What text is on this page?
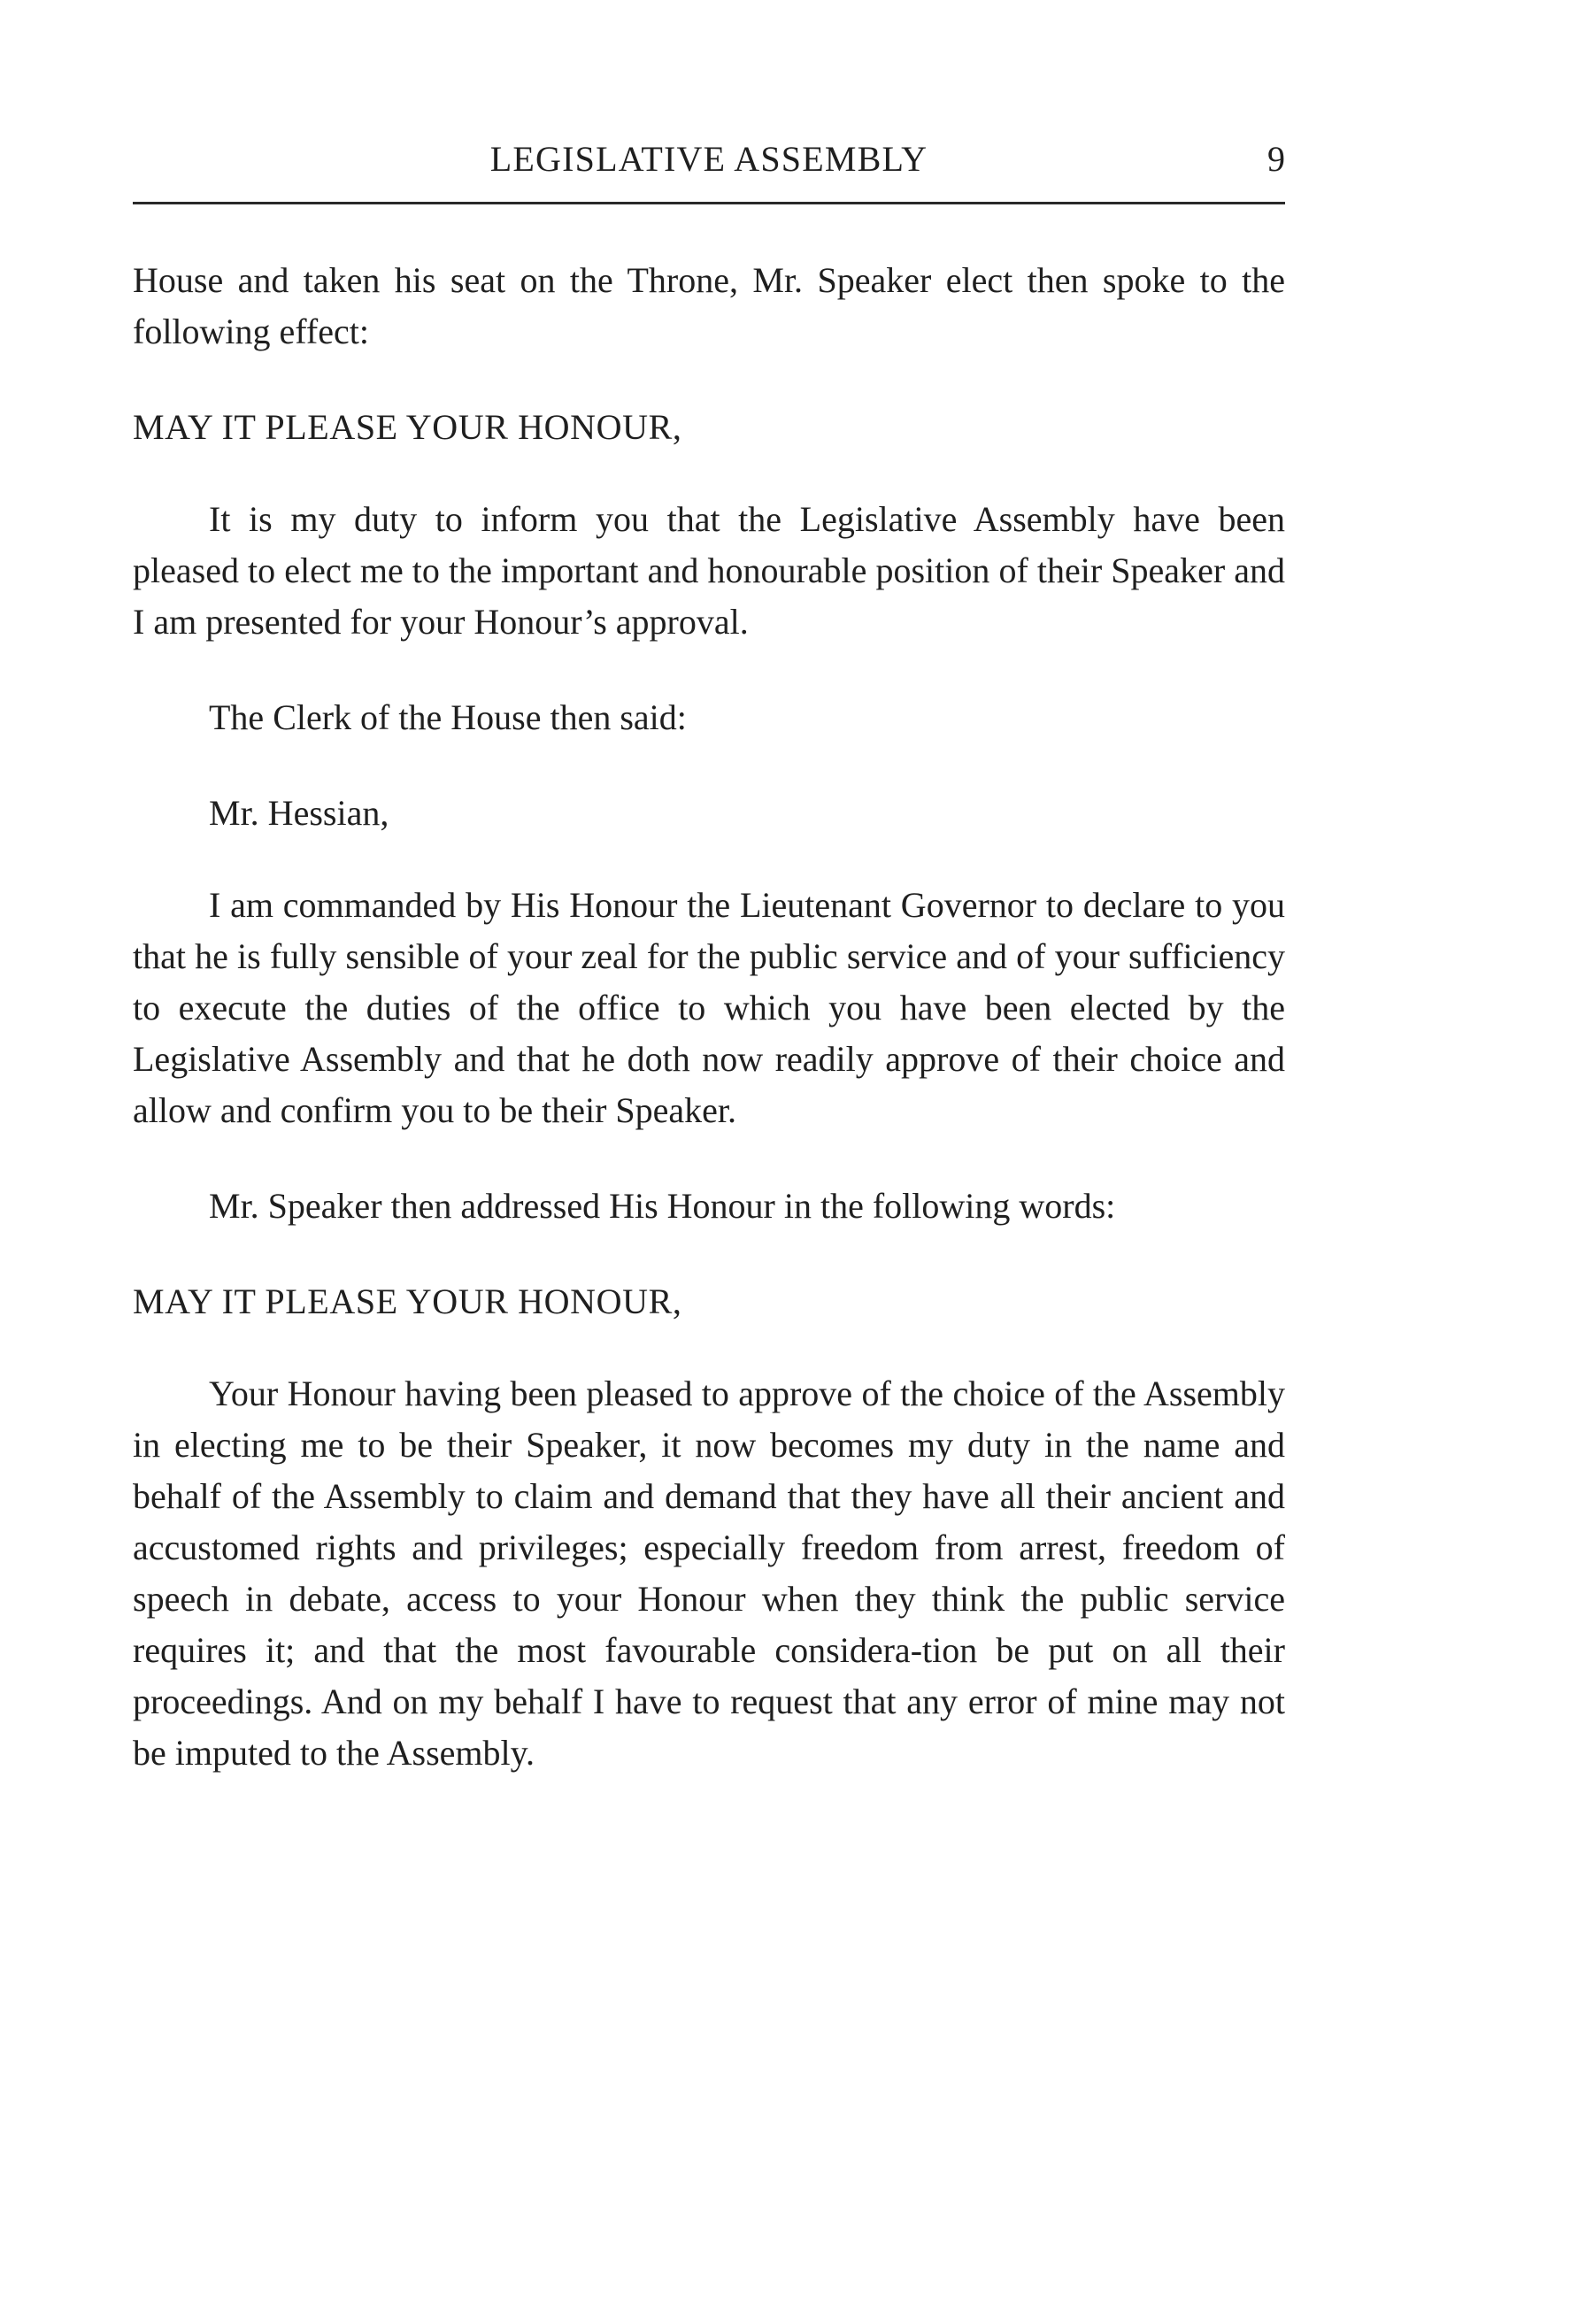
LEGISLATIVE ASSEMBLY	9

House and taken his seat on the Throne, Mr. Speaker elect then spoke to the following effect:

MAY IT PLEASE YOUR HONOUR,

It is my duty to inform you that the Legislative Assembly have been pleased to elect me to the important and honourable position of their Speaker and I am presented for your Honour’s approval.

The Clerk of the House then said:

Mr. Hessian,

I am commanded by His Honour the Lieutenant Governor to declare to you that he is fully sensible of your zeal for the public service and of your sufficiency to execute the duties of the office to which you have been elected by the Legislative Assembly and that he doth now readily approve of their choice and allow and confirm you to be their Speaker.

Mr. Speaker then addressed His Honour in the following words:

MAY IT PLEASE YOUR HONOUR,

Your Honour having been pleased to approve of the choice of the Assembly in electing me to be their Speaker, it now becomes my duty in the name and behalf of the Assembly to claim and demand that they have all their ancient and accustomed rights and privileges; especially freedom from arrest, freedom of speech in debate, access to your Honour when they think the public service requires it; and that the most favourable considera-tion be put on all their proceedings. And on my behalf I have to request that any error of mine may not be imputed to the Assembly.
